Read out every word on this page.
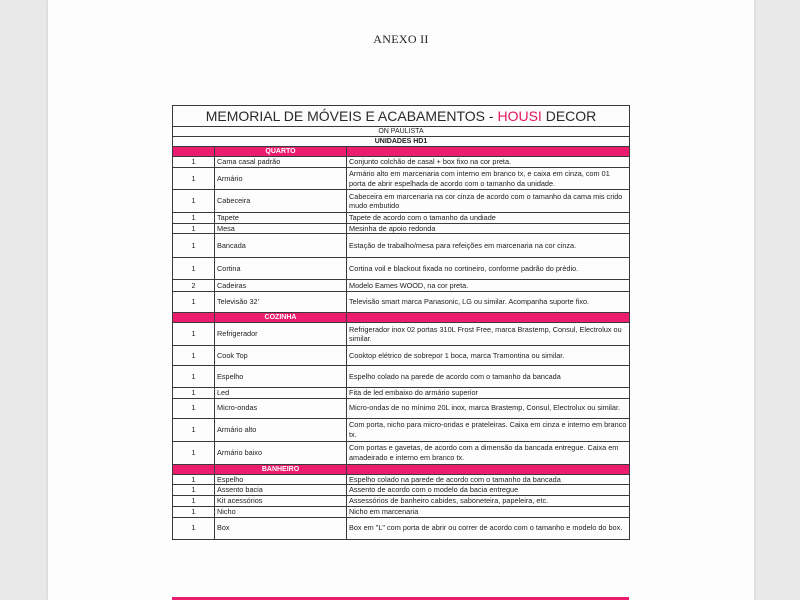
ANEXO II
MEMORIAL DE MÓVEIS E ACABAMENTOS - HOUSI DECOR		
ON PAULISTA		
UNIDADES HD1		
	QUARTO	
1	Cama casal padrão	Conjunto colchão de casal + box fixo na cor preta.
1	Armário	Armário alto em marcenaria com interno em branco tx, e caixa em cinza, com 01 porta de abrir espelhada de acordo com o tamanho da unidade.
1	Cabeceira	Cabeceira em marcenaria na cor cinza de acordo com o tamanho da cama mis crido mudo embutido
1	Tapete	Tapete de acordo com o tamanho da undiade
1	Mesa	Mesinha de apoio redonda
1	Bancada	Estação de trabalho/mesa para refeições em marcenaria na cor cinza.
1	Cortina	Cortina voil e blackout fixada no cortineiro, conforme padrão do prédio.
2	Cadeiras	Modelo Eames WOOD, na cor preta.
1	Televisão 32'	Televisão smart marca Panasonic, LG ou similar. Acompanha suporte fixo.
	COZINHA	
1	Refrigerador	Refrigerador inox 02 portas 310L Frost Free, marca Brastemp, Consul, Electrolux ou similar.
1	Cook Top	Cooktop elétrico de sobrepor 1 boca, marca Tramontina ou similar.
1	Espelho	Espelho colado na parede de acordo com o tamanho da bancada
1	Led	Fita de led embaixo do armário superior
1	Micro-ondas	Micro-ondas de no mínimo 20L inox, marca Brastemp, Consul, Electrolux ou similar.
1	Armário alto	Com porta, nicho para micro-ondas e prateleiras. Caixa em cinza e interno em branco tx.
1	Armário baixo	Com portas e gavetas, de acordo com a dimensão da bancada entregue. Caixa em amadeirado e interno em branco tx.
	BANHEIRO	
1	Espelho	Espelho colado na parede de acordo com o tamanho da bancada
1	Assento bacia	Assento de acordo com o modelo da bacia entregue
1	Kit acessórios	Assessórios de banheiro cabides, saboneteira, papeleira, etc.
1	Nicho	Nicho em marcenaria
1	Box	Box em "L" com porta de abrir ou correr de acordo com o tamanho e modelo do box.
